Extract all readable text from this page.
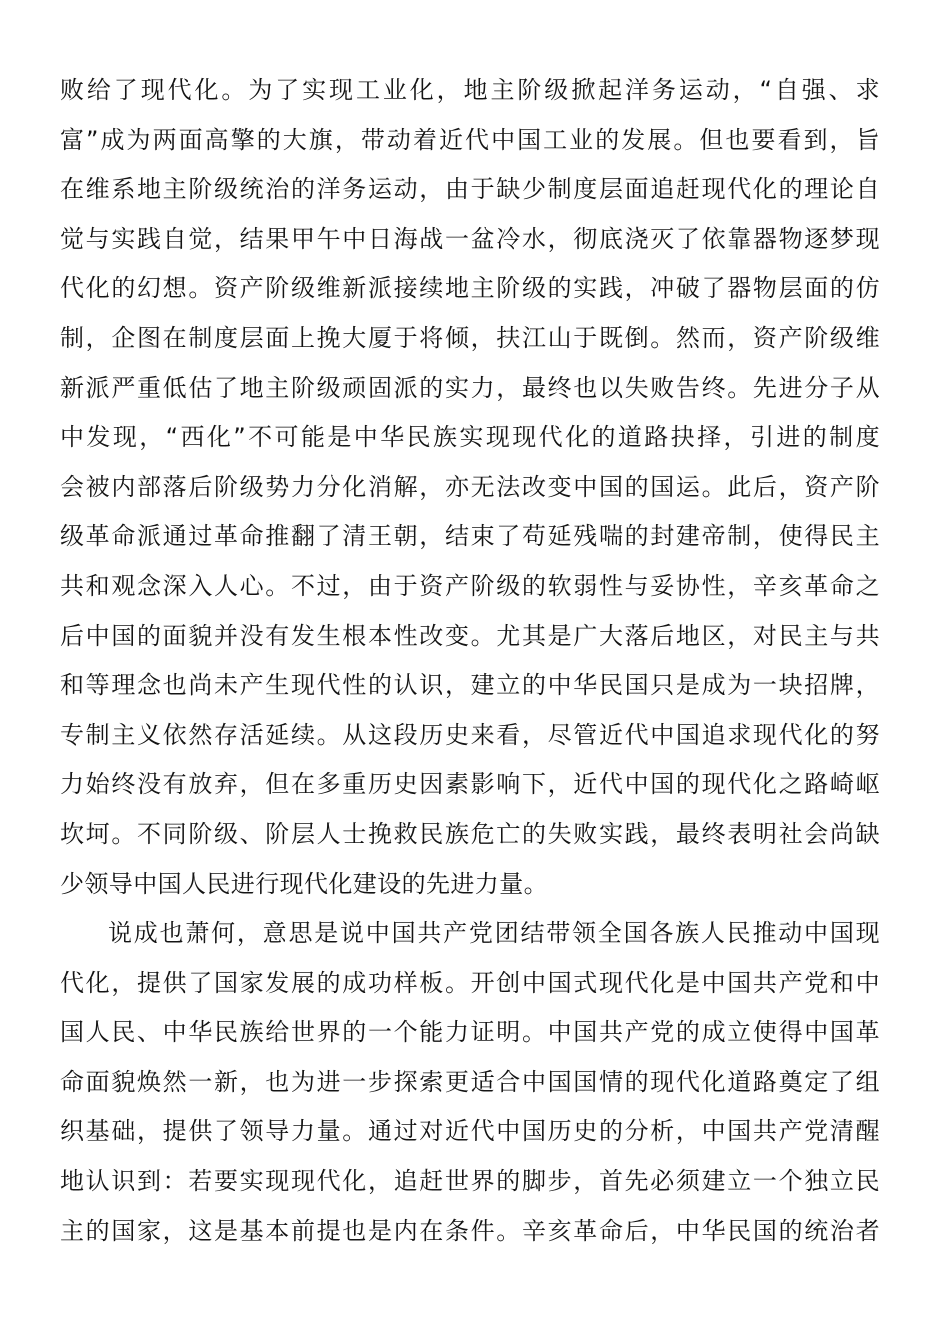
败给了现代化。为了实现工业化，地主阶级掀起洋务运动，“自强、求
富”成为两面高擎的大旗，带动着近代中国工业的发展。但也要看到，旨
在维系地主阶级统治的洋务运动，由于缺少制度层面追赶现代化的理论自
觉与实践自觉，结果甲午中日海战一盆冷水，彻底浇灭了依靠器物逐梦现
代化的幻想。资产阶级维新派接续地主阶级的实践，冲破了器物层面的仿
制，企图在制度层面上挽大厦于将倾，扶江山于既倒。然而，资产阶级维
新派严重低估了地主阶级顽固派的实力，最终也以失败告终。先进分子从
中发现，“西化”不可能是中华民族实现现代化的道路抉择，引进的制度
会被内部落后阶级势力分化消解，亦无法改变中国的国运。此后，资产阶
级革命派通过革命推翻了清王朝，结束了苟延残喘的封建帝制，使得民主
共和观念深入人心。不过，由于资产阶级的软弱性与妥协性，辛亥革命之
后中国的面貌并没有发生根本性改变。尤其是广大落后地区，对民主与共
和等理念也尚未产生现代性的认识，建立的中华民国只是成为一块招牌，
专制主义依然存活延续。从这段历史来看，尽管近代中国追求现代化的努
力始终没有放弃，但在多重历史因素影响下，近代中国的现代化之路崎岖
坎坷。不同阶级、阶层人士挽救民族危亡的失败实践，最终表明社会尚缺
少领导中国人民进行现代化建设的先进力量。
说成也萧何，意思是说中国共产党团结带领全国各族人民推动中国现
代化，提供了国家发展的成功样板。开创中国式现代化是中国共产党和中
国人民、中华民族给世界的一个能力证明。中国共产党的成立使得中国革
命面貌焕然一新，也为进一步探索更适合中国国情的现代化道路奠定了组
织基础，提供了领导力量。通过对近代中国历史的分析，中国共产党清醒
地认识到：若要实现现代化，追赶世界的脚步，首先必须建立一个独立民
主的国家，这是基本前提也是内在条件。辛亥革命后，中华民国的统治者
